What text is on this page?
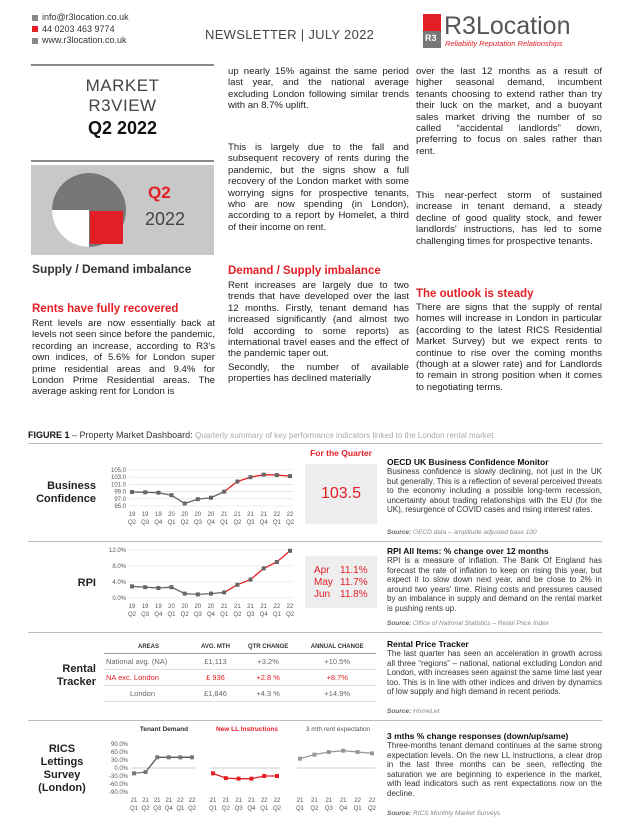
info@r3location.co.uk
44 0203 463 9774
www.r3location.co.uk	NEWSLETTER | JULY 2022	R3 R3Location
Reliability Reputation Relationships
MARKET
R3VIEW
Q2 2022
Q2
2022
Supply / Demand imbalance
Rents have fully recovered
Rent levels are now essentially back at levels not seen since before the pandemic, recording an increase, according to R3's own indices, of 5.6% for London super prime residential areas and 9.4% for London Prime Residential areas. The average asking rent for London is
up nearly 15% against the same period last year, and the national average excluding London following similar trends with an 8.7% uplift.
This is largely due to the fall and subsequent recovery of rents during the pandemic, but the signs show a full recovery of the London market with some worrying signs for prospective tenants, who are now spending (in London), according to a report by Homelet, a third of their income on rent.
Demand / Supply imbalance
Rent increases are largely due to two trends that have developed over the last 12 months. Firstly, tenant demand has increased significantly (and almost two fold according to some reports) as international travel eases and the effect of the pandemic taper out.
Secondly, the number of available properties has declined materially
over the last 12 months as a result of higher seasonal demand, incumbent tenants choosing to extend rather than try their luck on the market, and a buoyant sales market driving the number of so called “accidental landlords” down, preferring to focus on sales rather than rent.
This near-perfect storm of sustained increase in tenant demand, a steady decline of good quality stock, and fewer landlords' instructions, has led to some challenging times for prospective tenants.
The outlook is steady
There are signs that the supply of rental homes will increase in London in particular (according to the latest RICS Residential Market Survey) but we expect rents to continue to rise over the coming months (though at a slower rate) and for Landlords to remain in strong position when it comes to negotiating terms.
FIGURE 1 – Property Market Dashboard: Quarterly summary of key performance indicators linked to the London rental market
Business
Confidence
105.0
103.0
101.0
99.0
97.0
95.0
19
Q2
19
Q3
19
Q4
20
Q1
20
Q2
20
Q3
20
Q4
21
Q1
21
Q2
21
Q3
21
Q4
22
Q1
22
Q2
For the Quarter
103.5
OECD UK Business Confidence Monitor
Business confidence is slowly declining, not just in the UK but generally. This is a reflection of several perceived threats to the economy including a possible long-term recession, uncertainty about trading relationships with the EU (for the UK), resurgence of COVID cases and rising interest rates.
Source: OECD data – amplitude adjusted base 100
RPI
12.0%
8.0%
4.0%
0.0%
19
Q2
19
Q3
19
Q4
20
Q1
20
Q2
20
Q3
20
Q4
21
Q1
21
Q2
21
Q3
21
Q4
22
Q1
22
Q2
Apr 11.1%
May 11.7%
Jun 11.8%
RPI All Items: % change over 12 months
RPI is a measure of inflation. The Bank Of England has forecast the rate of inflation to keep on rising this year, but expect it to slow down next year, and be close to 2% in around two years' time. Rising costs and pressures caused by an imbalance in supply and demand on the rental market is pushing rents up.
Source: Office of National Statistics – Retail Price Index
Rental
Tracker
AREAS	AVG. MTH	QTR CHANGE	ANNUAL CHANGE
National avg. (NA)	£1,113	+3.2%	+10.5%
NA exc. London	£ 936	+2.8 %	+8.7%
London	£1,846	+4.3 %	+14.9%
Rental Price Tracker
The last quarter has seen an acceleration in growth across all three “regions” – national, national excluding London and London, with increases seen against the same time last year too. This is in line with other indices and driven by dynamics of low supply and high demand in recent periods.
Source: HomeLet
RICS
Lettings
Survey
(London)
Tenant Demand	New LL Instructions	3 mth rent expectation
90.0%
60.0%
30.0%
0.0%
-30.0%
-60.0%
-90.0%
21
Q1
21
Q2
21
Q3
21
Q4
22
Q1
22
Q2
21
Q1
21
Q2
21
Q3
21
Q4
22
Q1
22
Q2
21
Q1
21
Q2
21
Q3
21
Q4
22
Q1
22
Q2
3 mths % change responses (down/up/same)
Three-months tenant demand continues at the same strong expectation levels. On the new LL instructions, a clear drop in the last three months can be seen, reflecting the saturation we are beginning to experience in the market, with lead indicators such as rent expectations now on the decline.
Source: RICS Monthly Market Surveys
